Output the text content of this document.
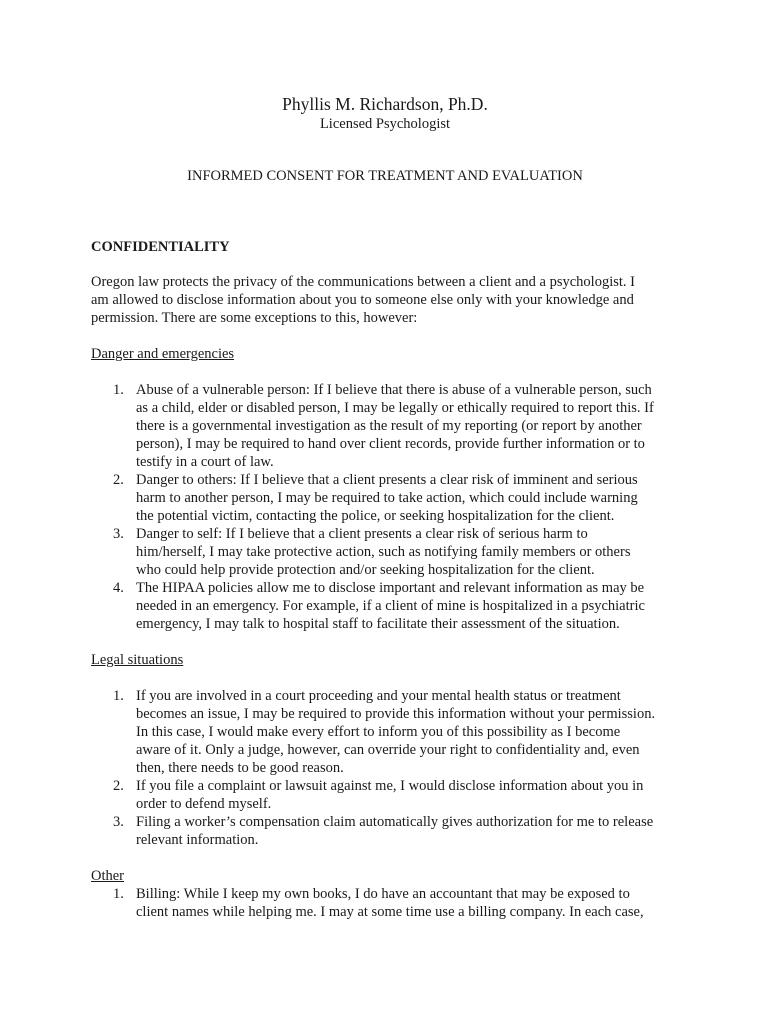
Phyllis M. Richardson, Ph.D.
Licensed Psychologist
INFORMED CONSENT FOR TREATMENT AND EVALUATION
CONFIDENTIALITY
Oregon law protects the privacy of the communications between a client and a psychologist. I
am allowed to disclose information about you to someone else only with your knowledge and
permission. There are some exceptions to this, however:
Danger and emergencies
1. Abuse of a vulnerable person: If I believe that there is abuse of a vulnerable person, such
as a child, elder or disabled person, I may be legally or ethically required to report this. If
there is a governmental investigation as the result of my reporting (or report by another
person), I may be required to hand over client records, provide further information or to
testify in a court of law.
2. Danger to others: If I believe that a client presents a clear risk of imminent and serious
harm to another person, I may be required to take action, which could include warning
the potential victim, contacting the police, or seeking hospitalization for the client.
3. Danger to self: If I believe that a client presents a clear risk of serious harm to
him/herself, I may take protective action, such as notifying family members or others
who could help provide protection and/or seeking hospitalization for the client.
4. The HIPAA policies allow me to disclose important and relevant information as may be
needed in an emergency. For example, if a client of mine is hospitalized in a psychiatric
emergency, I may talk to hospital staff to facilitate their assessment of the situation.
Legal situations
1. If you are involved in a court proceeding and your mental health status or treatment
becomes an issue, I may be required to provide this information without your permission.
In this case, I would make every effort to inform you of this possibility as I become
aware of it. Only a judge, however, can override your right to confidentiality and, even
then, there needs to be good reason.
2. If you file a complaint or lawsuit against me, I would disclose information about you in
order to defend myself.
3. Filing a worker’s compensation claim automatically gives authorization for me to release
relevant information.
Other
1. Billing: While I keep my own books, I do have an accountant that may be exposed to
client names while helping me. I may at some time use a billing company. In each case,
